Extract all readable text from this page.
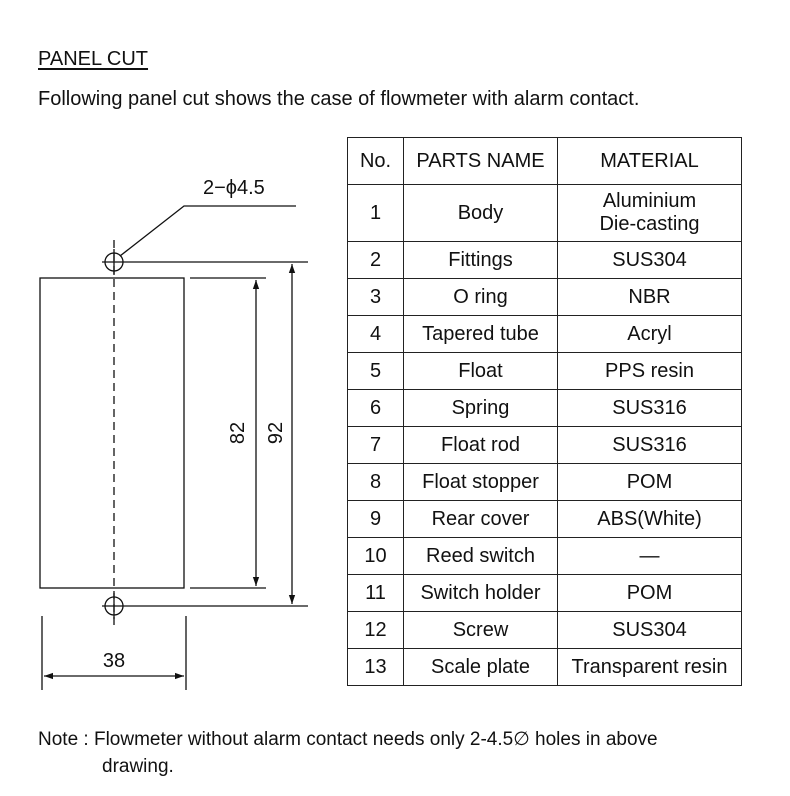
PANEL CUT
Following panel cut shows the case of flowmeter with alarm contact.
2−ϕ4.5
82 92
38
No.	PARTS NAME	MATERIAL
1	Body	Aluminium
Die-casting
2	Fittings	SUS304
3	O ring	NBR
4	Tapered tube	Acryl
5	Float	PPS resin
6	Spring	SUS316
7	Float rod	SUS316
8	Float stopper	POM
9	Rear cover	ABS(White)
10	Reed switch	—
11	Switch holder	POM
12	Screw	SUS304
13	Scale plate	Transparent resin
Note : Flowmeter without alarm contact needs only 2-4.5∅ holes in above
drawing.
